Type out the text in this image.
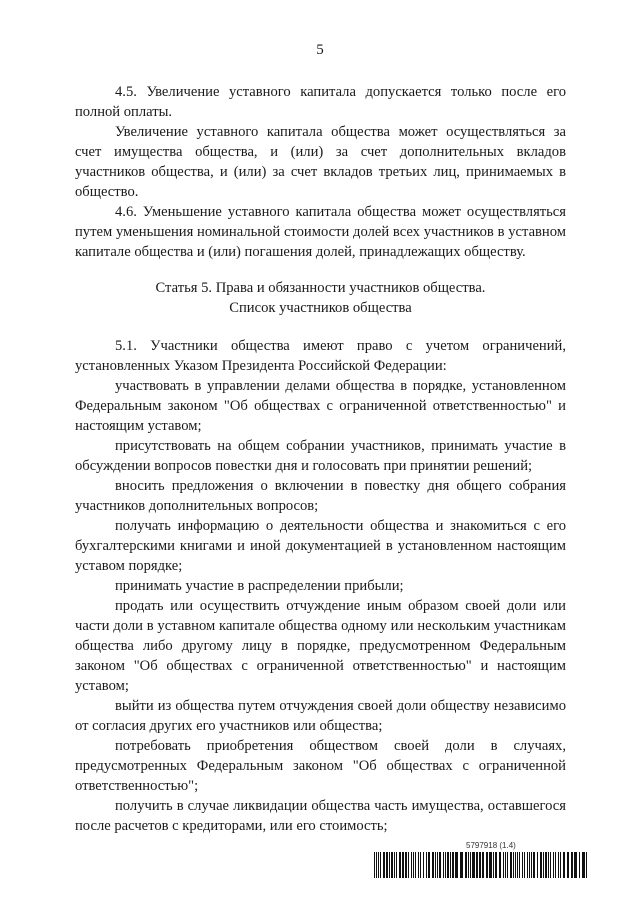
5

4.5. Увеличение уставного капитала допускается только после его полной оплаты.

Увеличение уставного капитала общества может осуществляться за счет имущества общества, и (или) за счет дополнительных вкладов участников общества, и (или) за счет вкладов третьих лиц, принимаемых в общество.

4.6. Уменьшение уставного капитала общества может осуществляться путем уменьшения номинальной стоимости долей всех участников в уставном капитале общества и (или) погашения долей, принадлежащих обществу.

Статья 5. Права и обязанности участников общества.

Список участников общества

5.1. Участники общества имеют право с учетом ограничений, установленных Указом Президента Российской Федерации:

участвовать в управлении делами общества в порядке, установленном Федеральным законом "Об обществах с ограниченной ответственностью" и настоящим уставом;

присутствовать на общем собрании участников, принимать участие в обсуждении вопросов повестки дня и голосовать при принятии решений;

вносить предложения о включении в повестку дня общего собрания участников дополнительных вопросов;

получать информацию о деятельности общества и знакомиться с его бухгалтерскими книгами и иной документацией в установленном настоящим уставом порядке;

принимать участие в распределении прибыли;

продать или осуществить отчуждение иным образом своей доли или части доли в уставном капитале общества одному или нескольким участникам общества либо другому лицу в порядке, предусмотренном Федеральным законом "Об обществах с ограниченной ответственностью" и настоящим уставом;

выйти из общества путем отчуждения своей доли обществу независимо от согласия других его участников или общества;

потребовать приобретения обществом своей доли в случаях, предусмотренных Федеральным законом "Об обществах с ограниченной ответственностью";

получить в случае ликвидации общества часть имущества, оставшегося после расчетов с кредиторами, или его стоимость;

5797918 (1.4)
